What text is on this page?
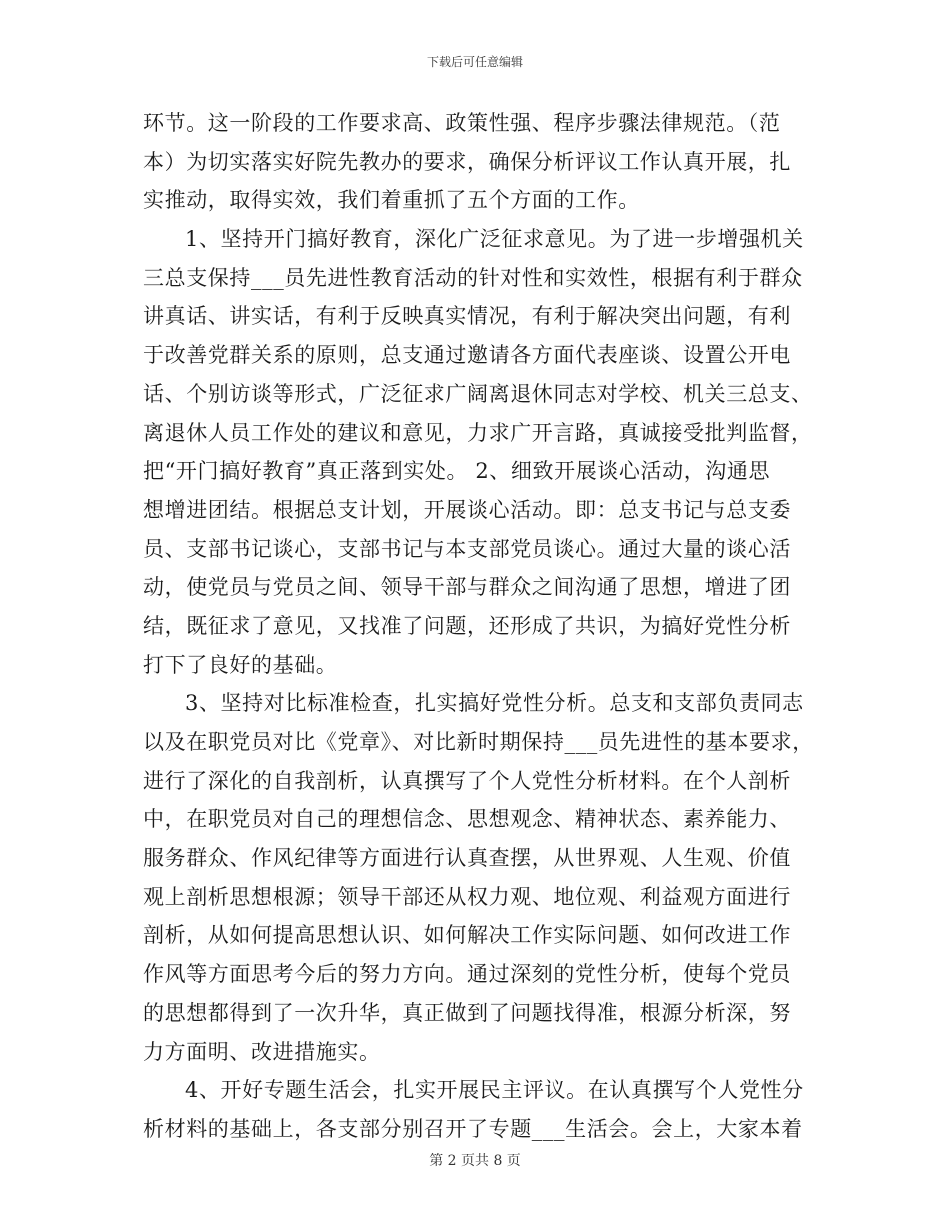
下载后可任意编辑
环节。这一阶段的工作要求高、政策性强、程序步骤法律规范。（范
本）为切实落实好院先教办的要求，确保分析评议工作认真开展，扎
实推动，取得实效，我们着重抓了五个方面的工作。
1、坚持开门搞好教育，深化广泛征求意见。为了进一步增强机关
三总支保持___员先进性教育活动的针对性和实效性，根据有利于群众
讲真话、讲实话，有利于反映真实情况，有利于解决突出问题，有利
于改善党群关系的原则，总支通过邀请各方面代表座谈、设置公开电
话、个别访谈等形式，广泛征求广阔离退休同志对学校、机关三总支、
离退休人员工作处的建议和意见，力求广开言路，真诚接受批判监督，
把“开门搞好教育”真正落到实处。 2、细致开展谈心活动，沟通思
想增进团结。根据总支计划，开展谈心活动。即：总支书记与总支委
员、支部书记谈心，支部书记与本支部党员谈心。通过大量的谈心活
动，使党员与党员之间、领导干部与群众之间沟通了思想，增进了团
结，既征求了意见，又找准了问题，还形成了共识，为搞好党性分析
打下了良好的基础。
3、坚持对比标准检查，扎实搞好党性分析。总支和支部负责同志
以及在职党员对比《党章》、对比新时期保持___员先进性的基本要求，
进行了深化的自我剖析，认真撰写了个人党性分析材料。在个人剖析
中，在职党员对自己的理想信念、思想观念、精神状态、素养能力、
服务群众、作风纪律等方面进行认真查摆，从世界观、人生观、价值
观上剖析思想根源；领导干部还从权力观、地位观、利益观方面进行
剖析，从如何提高思想认识、如何解决工作实际问题、如何改进工作
作风等方面思考今后的努力方向。通过深刻的党性分析，使每个党员
的思想都得到了一次升华，真正做到了问题找得准，根源分析深，努
力方面明、改进措施实。
4、开好专题生活会，扎实开展民主评议。在认真撰写个人党性分
析材料的基础上，各支部分别召开了专题___生活会。会上，大家本着
第 2 页共 8 页
